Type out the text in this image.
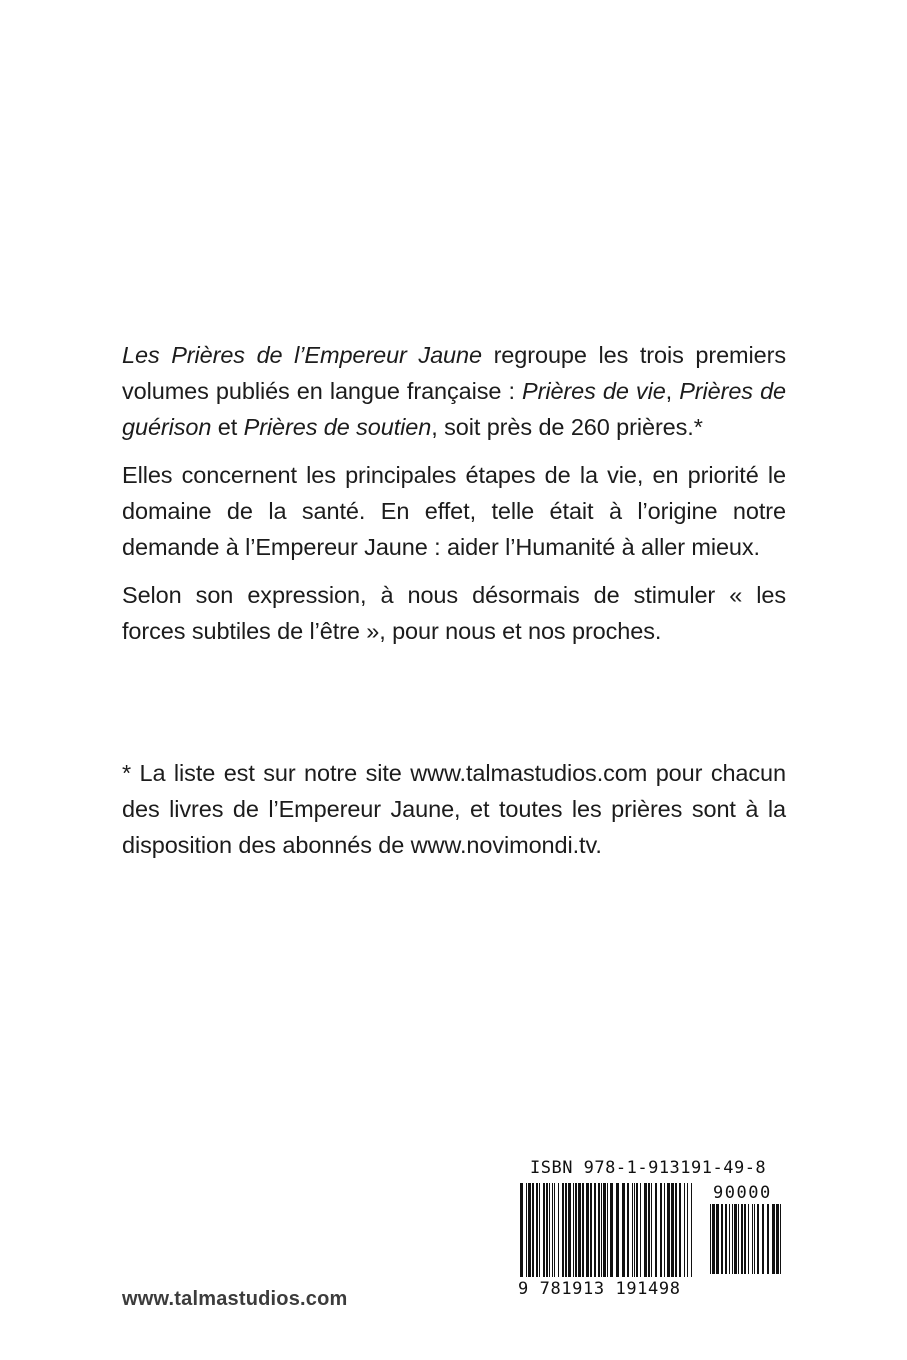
Les Prières de l’Empereur Jaune regroupe les trois premiers volumes publiés en langue française : Prières de vie, Prières de guérison et Prières de soutien, soit près de 260 prières.*

Elles concernent les principales étapes de la vie, en priorité le domaine de la santé. En effet, telle était à l’origine notre demande à l’Empereur Jaune : aider l’Humanité à aller mieux.

Selon son expression, à nous désormais de stimuler « les forces subtiles de l’être », pour nous et nos proches.

* La liste est sur notre site www.talmastudios.com pour chacun des livres de l’Empereur Jaune, et toutes les prières sont à la disposition des abonnés de www.novimondi.tv.

www.talmastudios.com
ISBN 978-1-913191-49-8
90000
9 781913 191498
